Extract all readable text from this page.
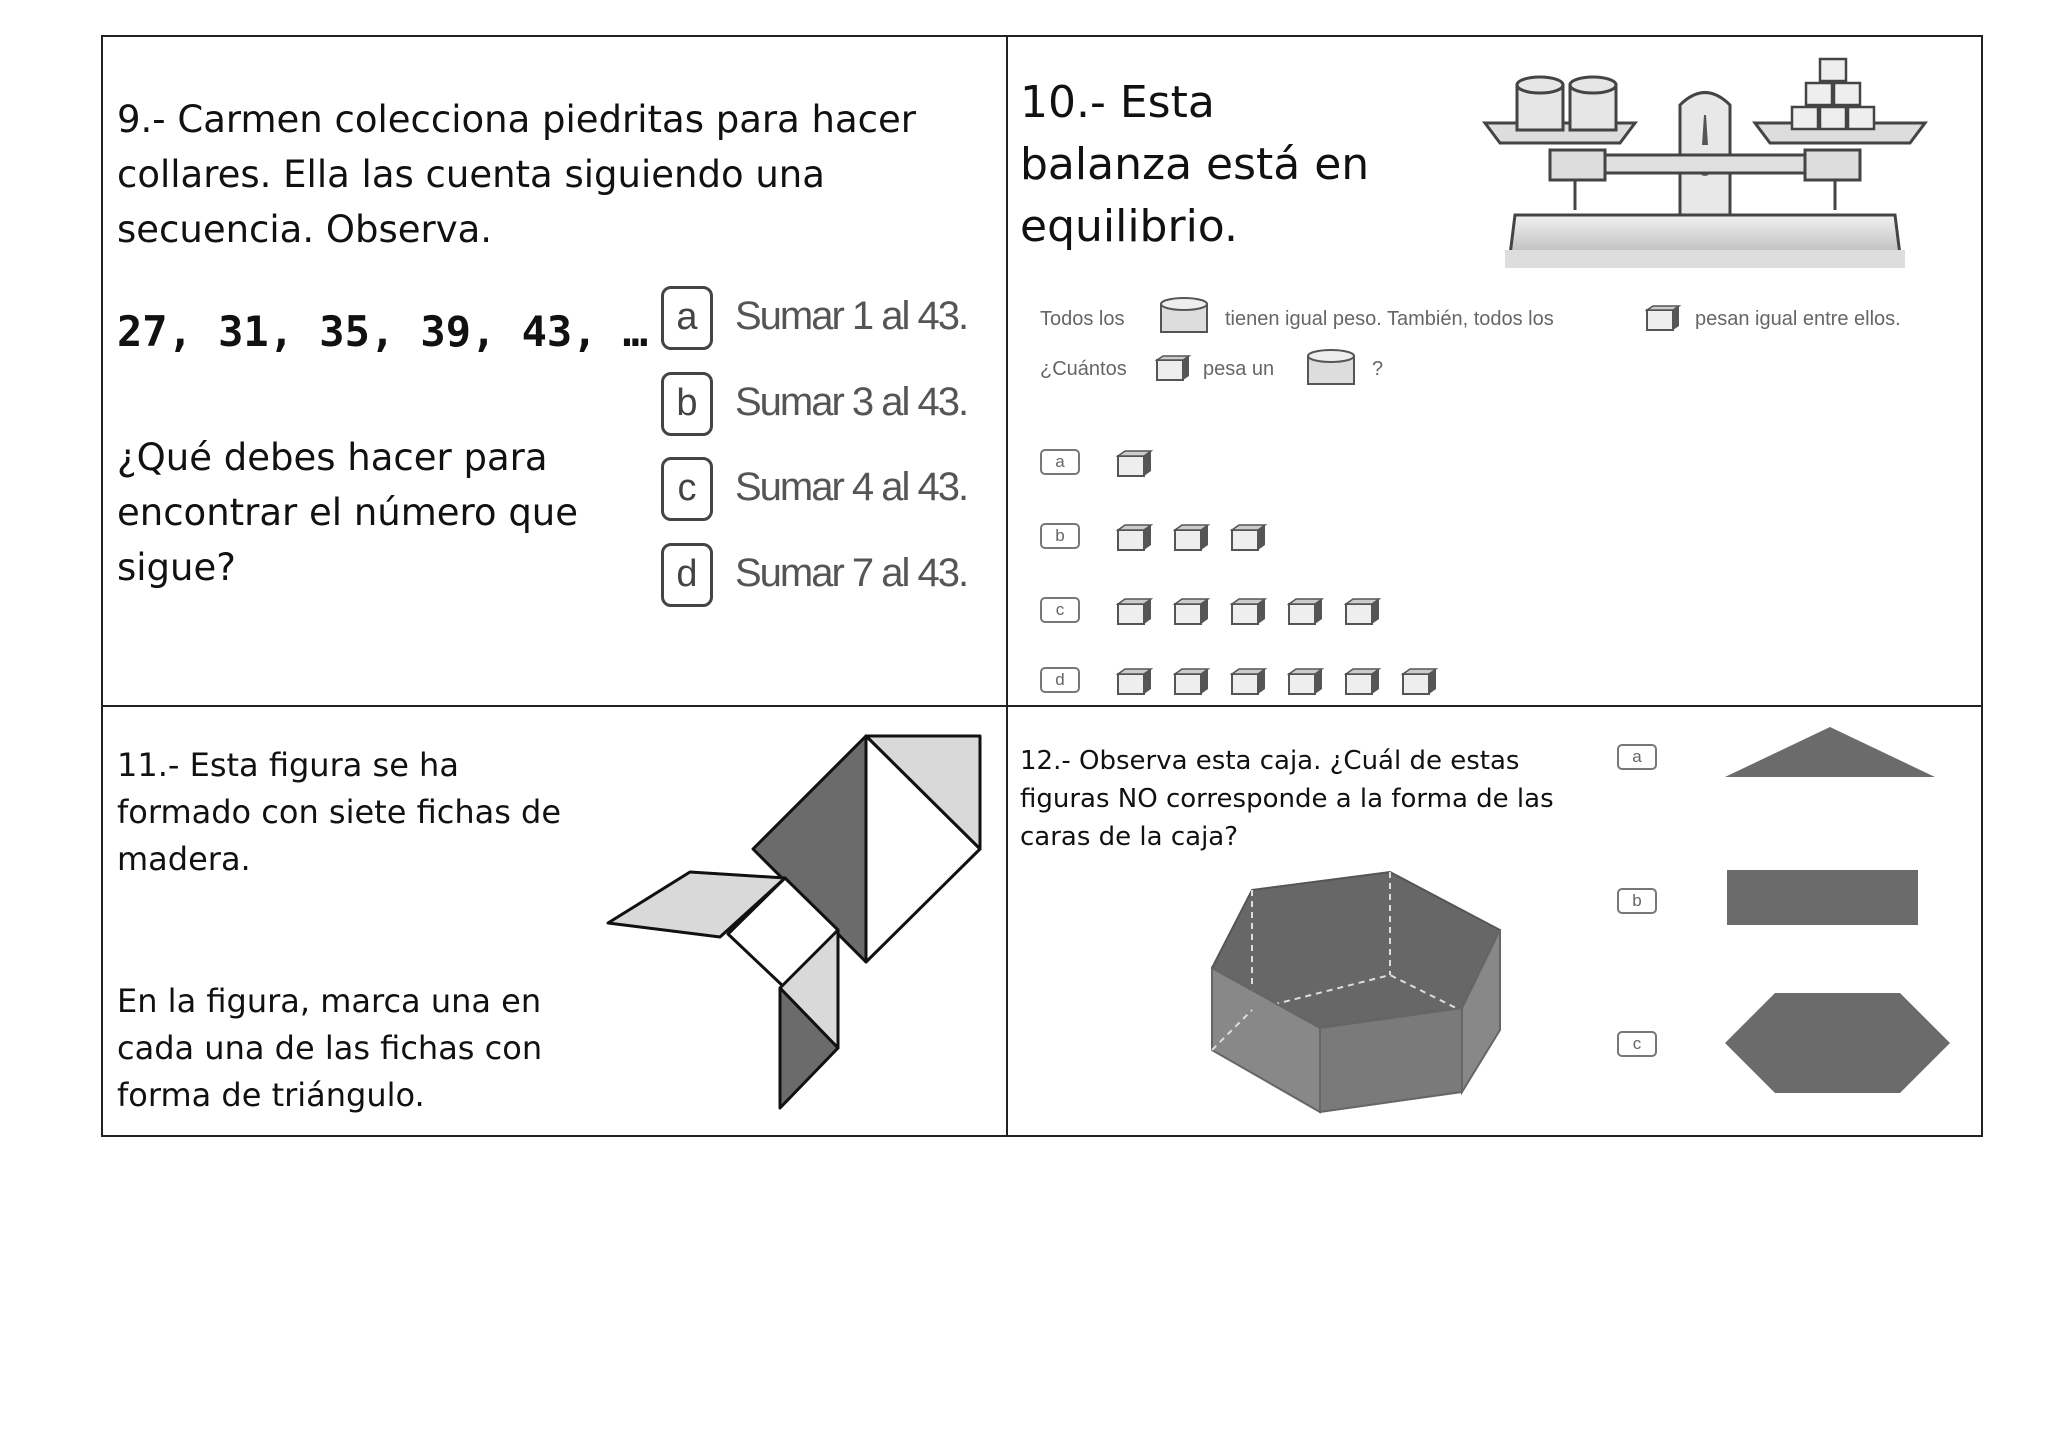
9.- Carmen colecciona piedritas para hacer collares. Ella las cuenta siguiendo una secuencia. Observa.
27, 31, 35, 39, 43, …
¿Qué debes hacer para encontrar el número que sigue?
a Sumar 1 al 43.
b Sumar 3 al 43.
c Sumar 4 al 43.
d Sumar 7 al 43.
10.- Esta balanza está en equilibrio.
Todos los	tienen igual peso. También, todos los	pesan igual entre ellos.
¿Cuántos	pesa un	?
a
b
c
d
11.- Esta figura se ha formado con siete fichas de madera.
En la figura, marca una en cada una de las fichas con forma de triángulo.
12.- Observa esta caja. ¿Cuál de estas figuras NO corresponde a la forma de las caras de la caja?
a
b
c
